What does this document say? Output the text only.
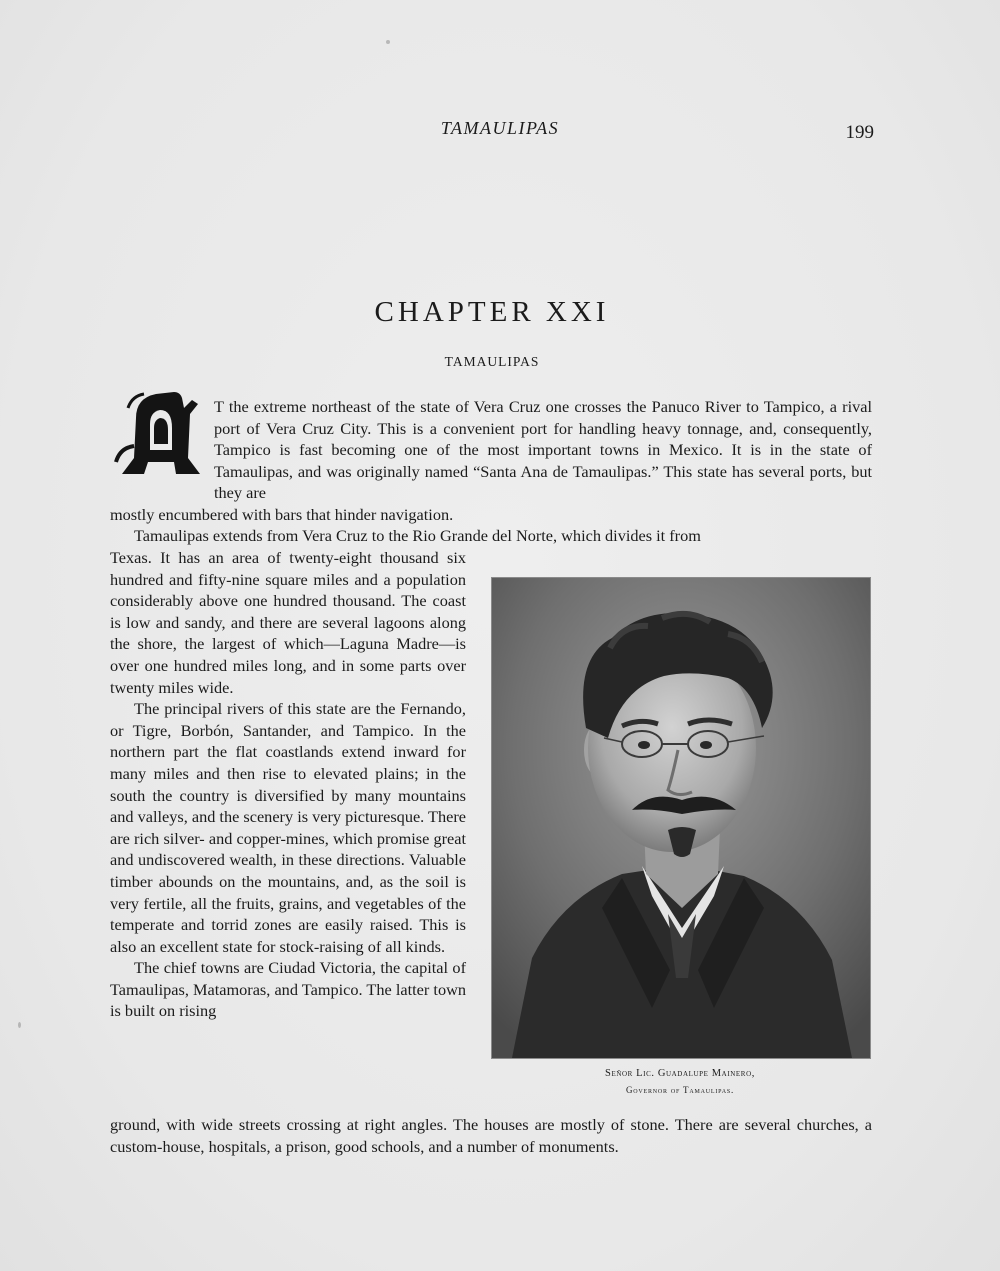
TAMAULIPAS	199
CHAPTER XXI
TAMAULIPAS
T the extreme northeast of the state of Vera Cruz one crosses the Panuco River to Tampico, a rival port of Vera Cruz City. This is a convenient port for handling heavy tonnage, and, consequently, Tampico is fast becoming one of the most important towns in Mexico. It is in the state of Tamaulipas, and was originally named “Santa Ana de Tamaulipas.” This state has several ports, but they are
mostly encumbered with bars that hinder navigation.
Tamaulipas extends from Vera Cruz to the Rio Grande del Norte, which divides it from

Texas. It has an area of twenty-eight thousand six hundred and fifty-nine square miles and a population considerably above one hundred thousand. The coast is low and sandy, and there are several lagoons along the shore, the largest of which—Laguna Madre—is over one hundred miles long, and in some parts over twenty miles wide.

The principal rivers of this state are the Fernando, or Tigre, Borbón, Santander, and Tampico. In the northern part the flat coastlands extend inward for many miles and then rise to elevated plains; in the south the country is diversified by many mountains and valleys, and the scenery is very picturesque. There are rich silver- and copper-mines, which promise great and undiscovered wealth, in these directions. Valuable timber abounds on the mountains, and, as the soil is very fertile, all the fruits, grains, and vegetables of the temperate and torrid zones are easily raised. This is also an excellent state for stock-raising of all kinds.

The chief towns are Ciudad Victoria, the capital of Tamaulipas, Matamoras, and Tampico. The latter town is built on rising

Señor Lic. Guadalupe Mainero,
Governor of Tamaulipas.
ground, with wide streets crossing at right angles. The houses are mostly of stone. There are several churches, a custom-house, hospitals, a prison, good schools, and a number of monuments.
